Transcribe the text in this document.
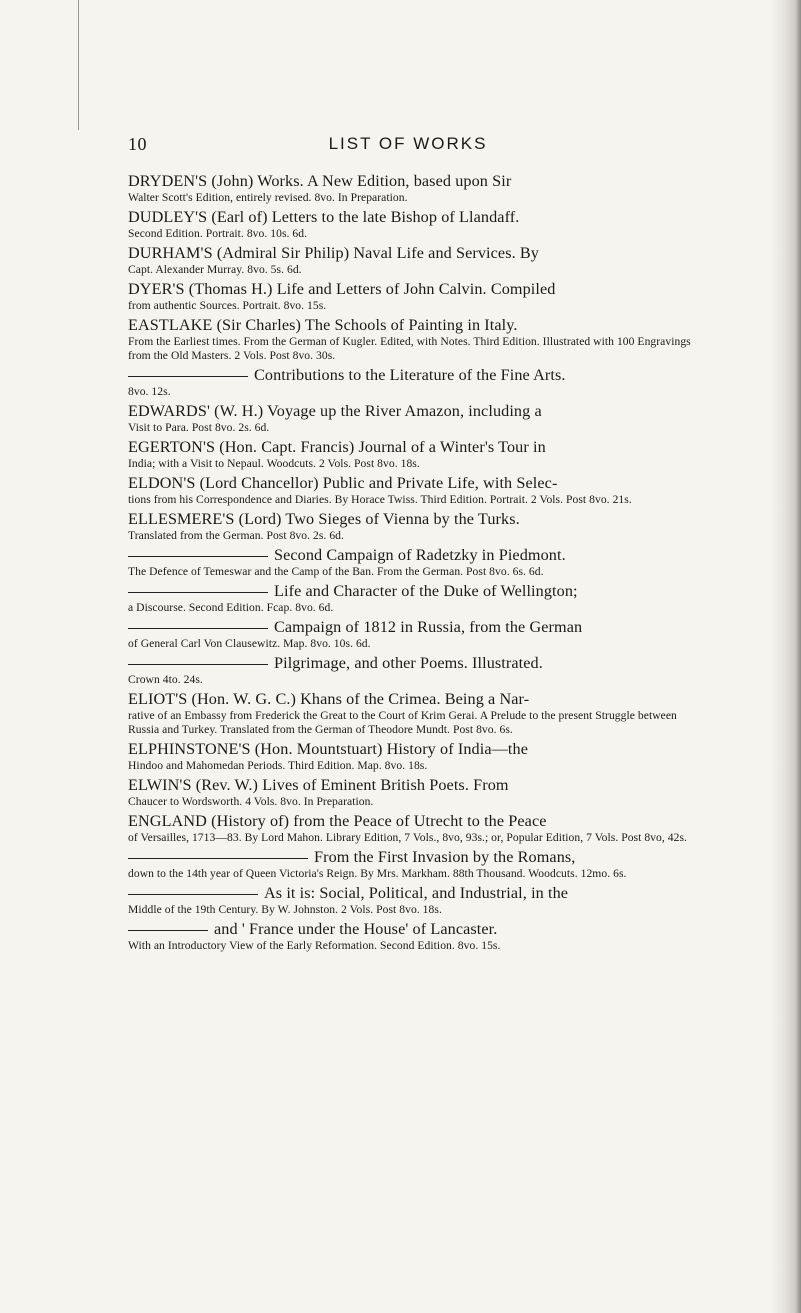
10	LIST OF WORKS
DRYDEN'S (John) Works. A New Edition, based upon Sir
Walter Scott's Edition, entirely revised. 8vo. In Preparation.
DUDLEY'S (Earl of) Letters to the late Bishop of Llandaff.
Second Edition. Portrait. 8vo. 10s. 6d.
DURHAM'S (Admiral Sir Philip) Naval Life and Services. By
Capt. Alexander Murray. 8vo. 5s. 6d.
DYER'S (Thomas H.) Life and Letters of John Calvin. Compiled
from authentic Sources. Portrait. 8vo. 15s.
EASTLAKE (Sir Charles) The Schools of Painting in Italy.
From the Earliest times. From the German of Kugler. Edited, with Notes. Third Edition. Illustrated with 100 Engravings from the Old Masters. 2 Vols. Post 8vo. 30s.
Contributions to the Literature of the Fine Arts.
8vo. 12s.
EDWARDS' (W. H.) Voyage up the River Amazon, including a
Visit to Para. Post 8vo. 2s. 6d.
EGERTON'S (Hon. Capt. Francis) Journal of a Winter's Tour in
India; with a Visit to Nepaul. Woodcuts. 2 Vols. Post 8vo. 18s.
ELDON'S (Lord Chancellor) Public and Private Life, with Selec-
tions from his Correspondence and Diaries. By Horace Twiss. Third Edition. Portrait. 2 Vols. Post 8vo. 21s.
ELLESMERE'S (Lord) Two Sieges of Vienna by the Turks.
Translated from the German. Post 8vo. 2s. 6d.
Second Campaign of Radetzky in Piedmont.
The Defence of Temeswar and the Camp of the Ban. From the German. Post 8vo. 6s. 6d.
Life and Character of the Duke of Wellington;
a Discourse. Second Edition. Fcap. 8vo. 6d.
Campaign of 1812 in Russia, from the German
of General Carl Von Clausewitz. Map. 8vo. 10s. 6d.
Pilgrimage, and other Poems. Illustrated.
Crown 4to. 24s.
ELIOT'S (Hon. W. G. C.) Khans of the Crimea. Being a Nar-
rative of an Embassy from Frederick the Great to the Court of Krim Gerai. A Prelude to the present Struggle between Russia and Turkey. Translated from the German of Theodore Mundt. Post 8vo. 6s.
ELPHINSTONE'S (Hon. Mountstuart) History of India—the
Hindoo and Mahomedan Periods. Third Edition. Map. 8vo. 18s.
ELWIN'S (Rev. W.) Lives of Eminent British Poets. From
Chaucer to Wordsworth. 4 Vols. 8vo. In Preparation.
ENGLAND (History of) from the Peace of Utrecht to the Peace
of Versailles, 1713—83. By Lord Mahon. Library Edition, 7 Vols., 8vo, 93s.; or, Popular Edition, 7 Vols. Post 8vo, 42s.
From the First Invasion by the Romans,
down to the 14th year of Queen Victoria's Reign. By Mrs. Markham. 88th Thousand. Woodcuts. 12mo. 6s.
As it is: Social, Political, and Industrial, in the
Middle of the 19th Century. By W. Johnston. 2 Vols. Post 8vo. 18s.
and ' France under the House' of Lancaster.
With an Introductory View of the Early Reformation. Second Edition. 8vo. 15s.
